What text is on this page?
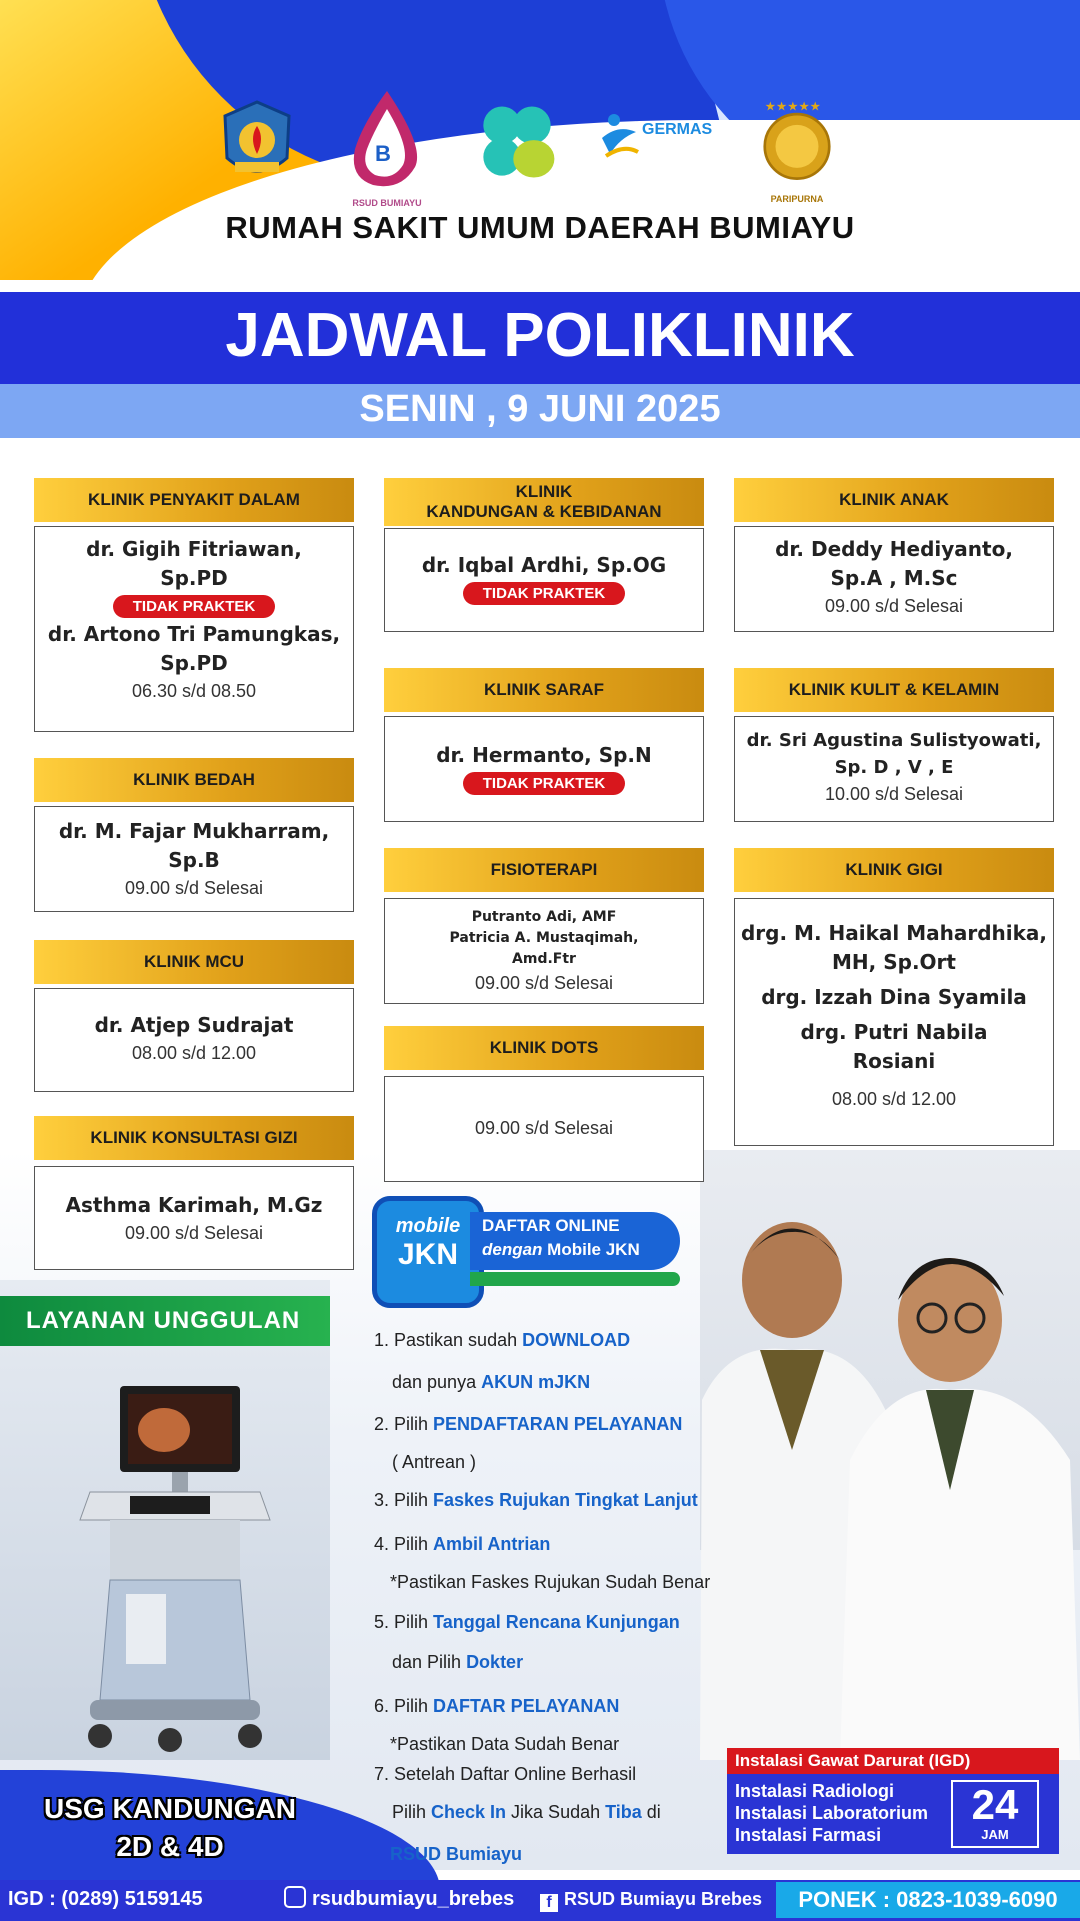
B
RSUD BUMIAYU
GERMAS
★★★★★
PARIPURNA
RUMAH SAKIT UMUM DAERAH BUMIAYU
JADWAL POLIKLINIK
SENIN , 9 JUNI 2025
KLINIK PENYAKIT DALAM
dr. Gigih Fitriawan,
Sp.PD
TIDAK PRAKTEK
dr. Artono Tri Pamungkas,
Sp.PD
06.30 s/d 08.50
KLINIK BEDAH
dr. M. Fajar Mukharram,
Sp.B
09.00 s/d Selesai
KLINIK MCU
dr. Atjep Sudrajat
08.00 s/d 12.00
KLINIK KONSULTASI GIZI
Asthma Karimah, M.Gz
09.00 s/d Selesai
KLINIK
KANDUNGAN & KEBIDANAN
dr. Iqbal Ardhi, Sp.OG
TIDAK PRAKTEK
KLINIK SARAF
dr. Hermanto, Sp.N
TIDAK PRAKTEK
FISIOTERAPI
Putranto Adi, AMF
Patricia A. Mustaqimah,
Amd.Ftr
09.00 s/d Selesai
KLINIK DOTS
09.00 s/d Selesai
KLINIK ANAK
dr. Deddy Hediyanto,
Sp.A , M.Sc
09.00 s/d Selesai
KLINIK KULIT & KELAMIN
dr. Sri Agustina Sulistyowati,
Sp. D , V , E
10.00 s/d Selesai
KLINIK GIGI
drg. M. Haikal Mahardhika,
MH, Sp.Ort
drg. Izzah Dina Syamila
drg. Putri Nabila
Rosiani
08.00 s/d 12.00
LAYANAN UNGGULAN
USG KANDUNGAN
2D & 4D
mobile
JKN
DAFTAR ONLINE
dengan Mobile JKN
1. Pastikan sudah DOWNLOAD
dan punya AKUN mJKN
2. Pilih PENDAFTARAN PELAYANAN
( Antrean )
3. Pilih Faskes Rujukan Tingkat Lanjut
4. Pilih Ambil Antrian
*Pastikan Faskes Rujukan Sudah Benar
5. Pilih Tanggal Rencana Kunjungan
dan Pilih Dokter
6. Pilih DAFTAR PELAYANAN
*Pastikan Data Sudah Benar
7. Setelah Daftar Online Berhasil
Pilih Check In Jika Sudah Tiba di
RSUD Bumiayu
Instalasi Gawat Darurat (IGD)
Instalasi Radiologi
Instalasi Laboratorium
Instalasi Farmasi
24
JAM
IGD : (0289) 5159145	rsudbumiayu_brebes	f RSUD Bumiayu Brebes	PONEK : 0823-1039-6090
